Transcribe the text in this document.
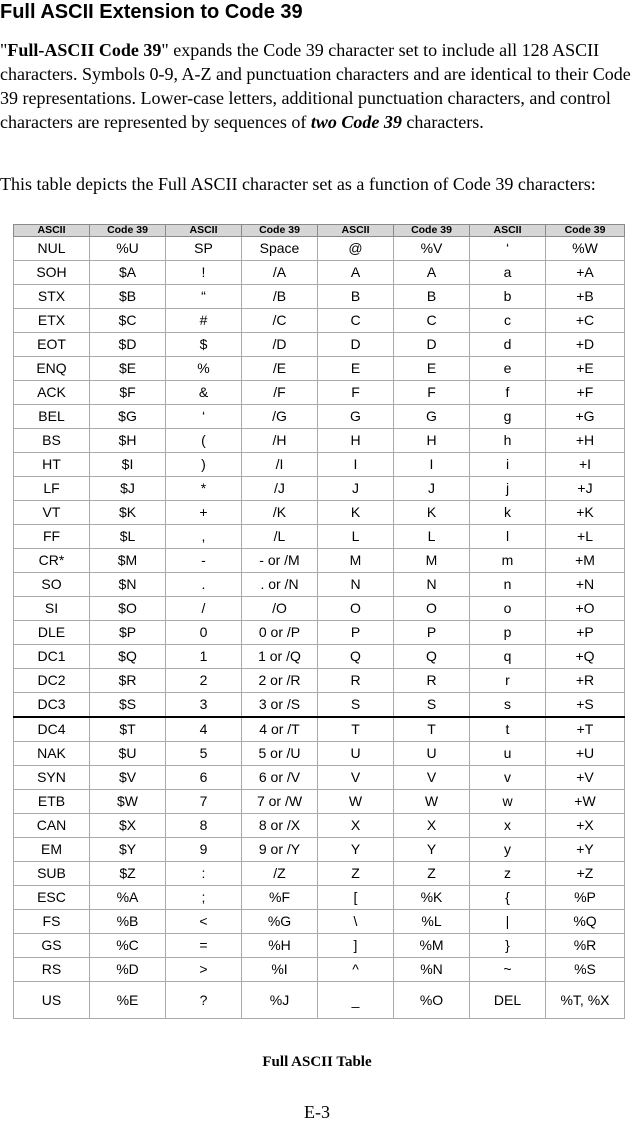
Full ASCII Extension to Code 39

"Full-ASCII Code 39" expands the Code 39 character set to include all 128 ASCII characters. Symbols 0-9, A-Z and punctuation characters and are identical to their Code 39 representations. Lower-case letters, additional punctuation characters, and control characters are represented by sequences of two Code 39 characters.

This table depicts the Full ASCII character set as a function of Code 39 characters:

ASCII	Code 39	ASCII	Code 39	ASCII	Code 39	ASCII	Code 39
NUL	%U	SP	Space	@	%V	‘	%W
SOH	$A	!	/A	A	A	a	+A
STX	$B	“	/B	B	B	b	+B
ETX	$C	#	/C	C	C	c	+C
EOT	$D	$	/D	D	D	d	+D
ENQ	$E	%	/E	E	E	e	+E
ACK	$F	&	/F	F	F	f	+F
BEL	$G	‘	/G	G	G	g	+G
BS	$H	(	/H	H	H	h	+H
HT	$I	)	/I	I	I	i	+I
LF	$J	*	/J	J	J	j	+J
VT	$K	+	/K	K	K	k	+K
FF	$L	,	/L	L	L	l	+L
CR*	$M	-	- or /M	M	M	m	+M
SO	$N	.	. or /N	N	N	n	+N
SI	$O	/	/O	O	O	o	+O
DLE	$P	0	0 or /P	P	P	p	+P
DC1	$Q	1	1 or /Q	Q	Q	q	+Q
DC2	$R	2	2 or /R	R	R	r	+R
DC3	$S	3	3 or /S	S	S	s	+S
DC4	$T	4	4 or /T	T	T	t	+T
NAK	$U	5	5 or /U	U	U	u	+U
SYN	$V	6	6 or /V	V	V	v	+V
ETB	$W	7	7 or /W	W	W	w	+W
CAN	$X	8	8 or /X	X	X	x	+X
EM	$Y	9	9 or /Y	Y	Y	y	+Y
SUB	$Z	:	/Z	Z	Z	z	+Z
ESC	%A	;	%F	[	%K	{	%P
FS	%B	<	%G	\	%L	|	%Q
GS	%C	=	%H	]	%M	}	%R
RS	%D	>	%I	^	%N	~	%S
US	%E	?	%J	_	%O	DEL	%T, %X
Full ASCII Table
E-3
